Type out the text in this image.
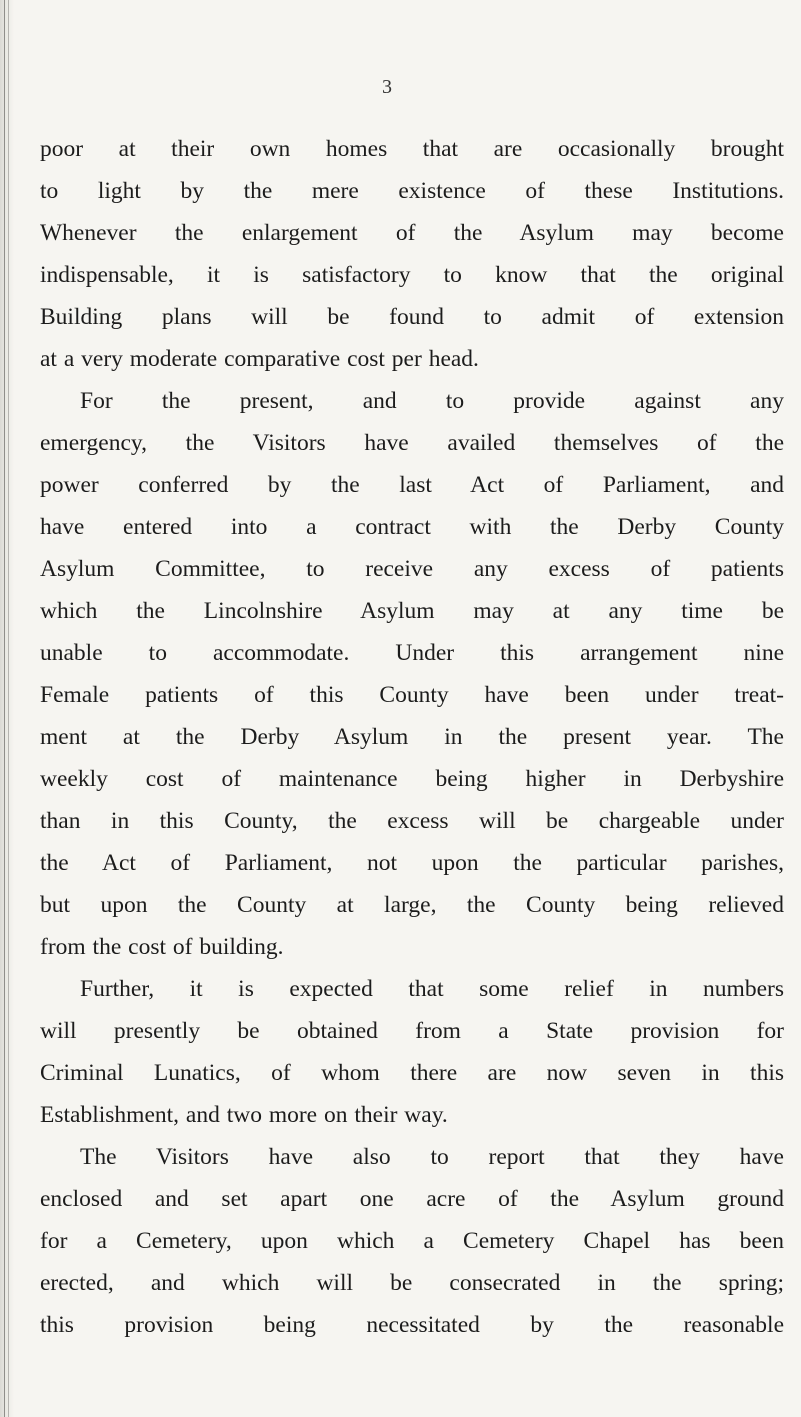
3
poor at their own homes that are occasionally brought
to light by the mere existence of these Institutions.
Whenever the enlargement of the Asylum may become
indispensable, it is satisfactory to know that the original
Building plans will be found to admit of extension
at a very moderate comparative cost per head.
For the present, and to provide against any
emergency, the Visitors have availed themselves of the
power conferred by the last Act of Parliament, and
have entered into a contract with the Derby County
Asylum Committee, to receive any excess of patients
which the Lincolnshire Asylum may at any time be
unable to accommodate. Under this arrangement nine
Female patients of this County have been under treat-
ment at the Derby Asylum in the present year. The
weekly cost of maintenance being higher in Derbyshire
than in this County, the excess will be chargeable under
the Act of Parliament, not upon the particular parishes,
but upon the County at large, the County being relieved
from the cost of building.
Further, it is expected that some relief in numbers
will presently be obtained from a State provision for
Criminal Lunatics, of whom there are now seven in this
Establishment, and two more on their way.
The Visitors have also to report that they have
enclosed and set apart one acre of the Asylum ground
for a Cemetery, upon which a Cemetery Chapel has been
erected, and which will be consecrated in the spring;
this provision being necessitated by the reasonable
